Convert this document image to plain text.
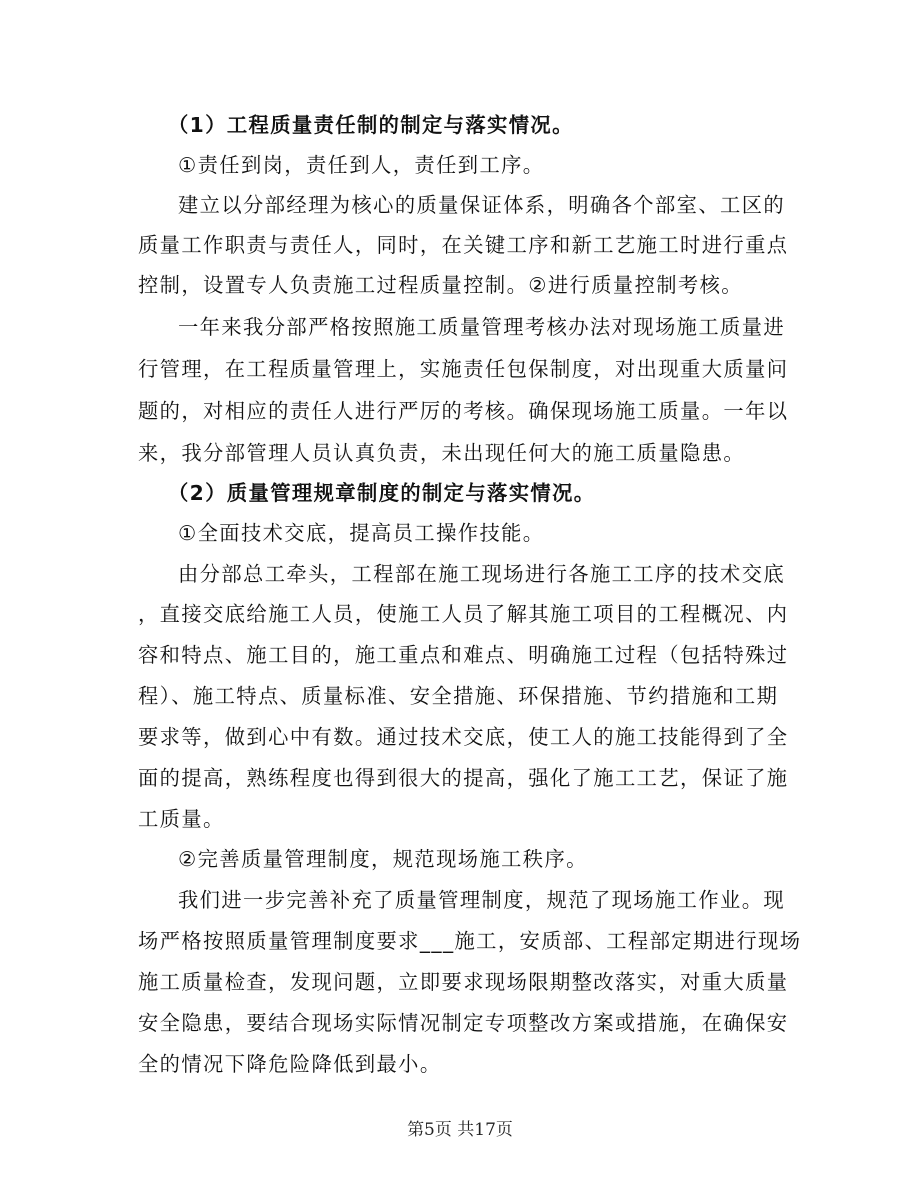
（1）工程质量责任制的制定与落实情况。

①责任到岗，责任到人，责任到工序。

建立以分部经理为核心的质量保证体系，明确各个部室、工区的

质量工作职责与责任人，同时，在关键工序和新工艺施工时进行重点

控制，设置专人负责施工过程质量控制。②进行质量控制考核。

一年来我分部严格按照施工质量管理考核办法对现场施工质量进

行管理，在工程质量管理上，实施责任包保制度，对出现重大质量问

题的，对相应的责任人进行严厉的考核。确保现场施工质量。一年以

来，我分部管理人员认真负责，未出现任何大的施工质量隐患。

（2）质量管理规章制度的制定与落实情况。

①全面技术交底，提高员工操作技能。

由分部总工牵头，工程部在施工现场进行各施工工序的技术交底

，直接交底给施工人员，使施工人员了解其施工项目的工程概况、内

容和特点、施工目的，施工重点和难点、明确施工过程（包括特殊过

程）、施工特点、质量标准、安全措施、环保措施、节约措施和工期

要求等，做到心中有数。通过技术交底，使工人的施工技能得到了全

面的提高，熟练程度也得到很大的提高，强化了施工工艺，保证了施

工质量。

②完善质量管理制度，规范现场施工秩序。

我们进一步完善补充了质量管理制度，规范了现场施工作业。现

场严格按照质量管理制度要求___施工，安质部、工程部定期进行现场

施工质量检查，发现问题，立即要求现场限期整改落实，对重大质量

安全隐患，要结合现场实际情况制定专项整改方案或措施，在确保安

全的情况下降危险降低到最小。

第5页 共17页
